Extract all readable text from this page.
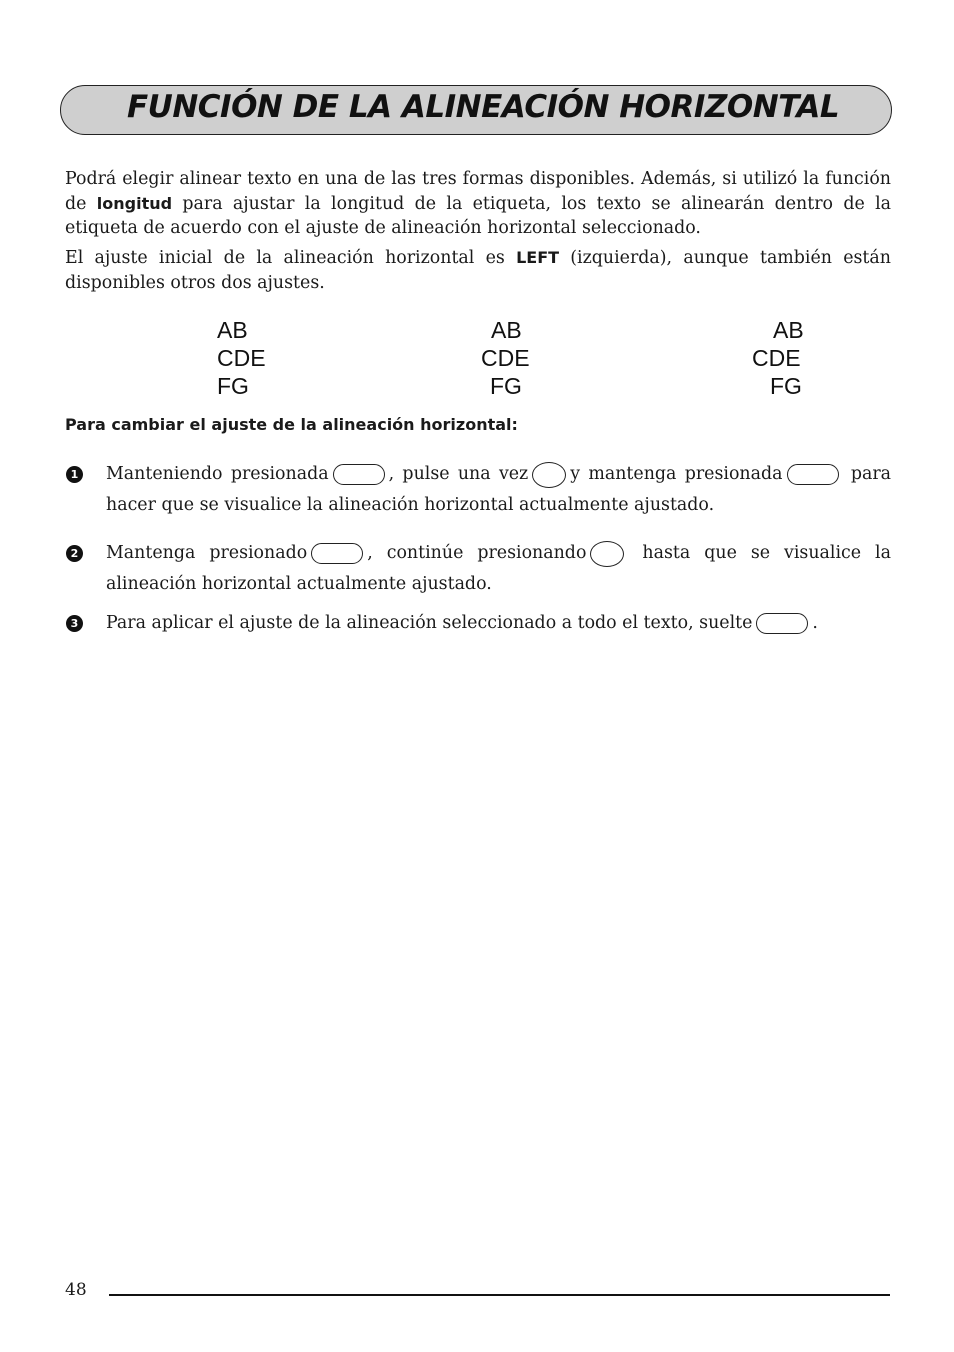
FUNCIÓN DE LA ALINEACIÓN HORIZONTAL

Podrá elegir alinear texto en una de las tres formas disponibles. Además, si utilizó la función de longitud para ajustar la longitud de la etiqueta, los texto se alinearán dentro de la etiqueta de acuerdo con el ajuste de alineación horizontal seleccionado.

El ajuste inicial de la alineación horizontal es LEFT (izquierda), aunque también están disponibles otros dos ajustes.

AB
CDE
FG
AB
CDE
FG
AB
CDE
FG
Para cambiar el ajuste de la alineación horizontal:
1 Manteniendo presionada	, pulse una vez y mantenga presionada	para hacer que se visualice la alineación horizontal actualmente ajustado.

2 Mantenga presionado	, continúe presionando	hasta que se visualice la alineación horizontal actualmente ajustado.

3 Para aplicar el ajuste de la alineación seleccionado a todo el texto, suelte	.

48
